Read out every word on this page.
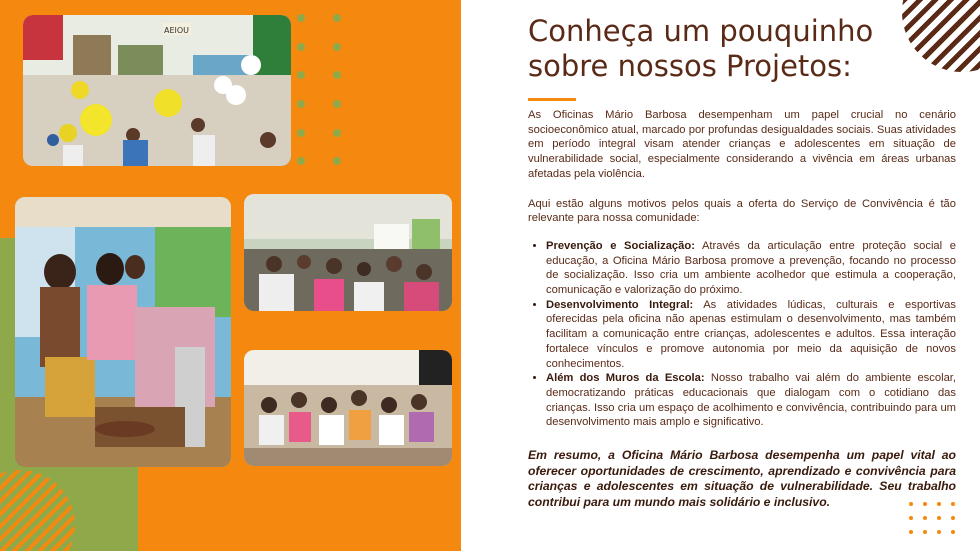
AEIOU	Conheça um pouquinho
sobre nossos Projetos:

As Oficinas Mário Barbosa desempenham um papel crucial no cenário socioeconômico atual, marcado por profundas desigualdades sociais. Suas atividades em período integral visam atender crianças e adolescentes em situação de vulnerabilidade social, especialmente considerando a vivência em áreas urbanas afetadas pela violência.

Aqui estão alguns motivos pelos quais a oferta do Serviço de Convivência é tão relevante para nossa comunidade:

• Prevenção e Socialização: Através da articulação entre proteção social e educação, a Oficina Mário Barbosa promove a prevenção, focando no processo de socialização. Isso cria um ambiente acolhedor que estimula a cooperação, comunicação e valorização do próximo.
• Desenvolvimento Integral: As atividades lúdicas, culturais e esportivas oferecidas pela oficina não apenas estimulam o desenvolvimento, mas também facilitam a comunicação entre crianças, adolescentes e adultos. Essa interação fortalece vínculos e promove autonomia por meio da aquisição de novos conhecimentos.
• Além dos Muros da Escola: Nosso trabalho vai além do ambiente escolar, democratizando práticas educacionais que dialogam com o cotidiano das crianças. Isso cria um espaço de acolhimento e convivência, contribuindo para um desenvolvimento mais amplo e significativo.

Em resumo, a Oficina Mário Barbosa desempenha um papel vital ao oferecer oportunidades de crescimento, aprendizado e convivência para crianças e adolescentes em situação de vulnerabilidade. Seu trabalho contribui para um mundo mais solidário e inclusivo.
